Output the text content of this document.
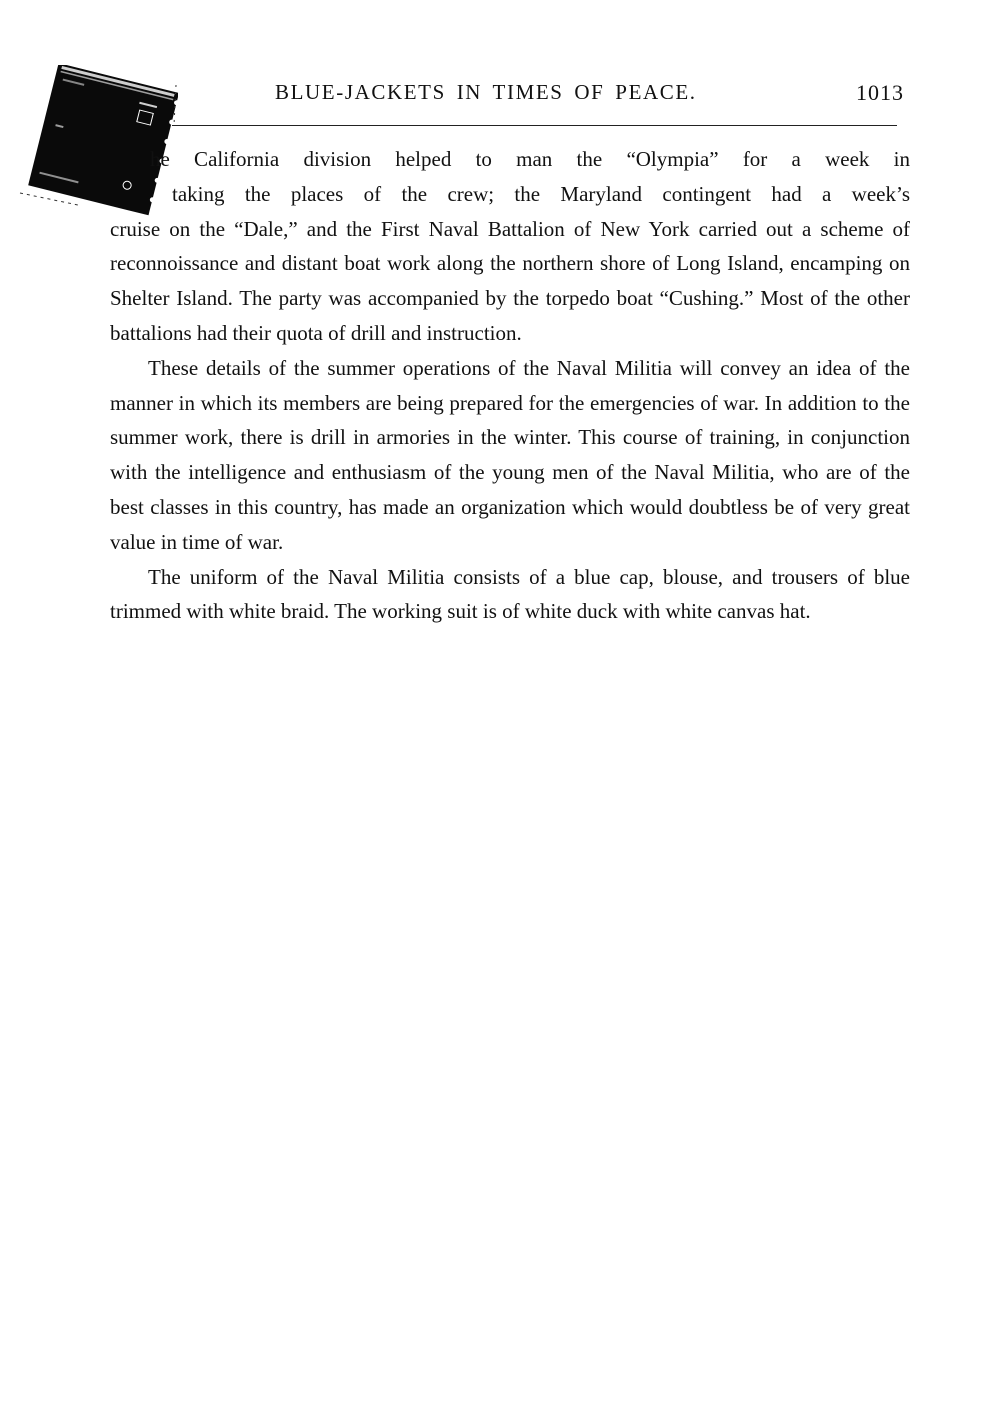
BLUE-JACKETS IN TIMES OF PEACE.	1013
he California division helped to man the “Olympia” for a week in
taking the places of the crew; the Maryland contingent had a week’s
cruise on the “Dale,” and the First Naval Battalion of New York carried out a scheme of reconnoissance and distant boat work along the northern shore of Long Island, encamping on Shelter Island. The party was accompanied by the torpedo boat “Cushing.” Most of the other battalions had their quota of drill and instruction.

These details of the summer operations of the Naval Militia will convey an idea of the manner in which its members are being prepared for the emergencies of war. In addition to the summer work, there is drill in armories in the winter. This course of training, in conjunction with the intelligence and enthusiasm of the young men of the Naval Militia, who are of the best classes in this country, has made an organization which would doubtless be of very great value in time of war.

The uniform of the Naval Militia consists of a blue cap, blouse, and trousers of blue trimmed with white braid. The working suit is of white duck with white canvas hat.
